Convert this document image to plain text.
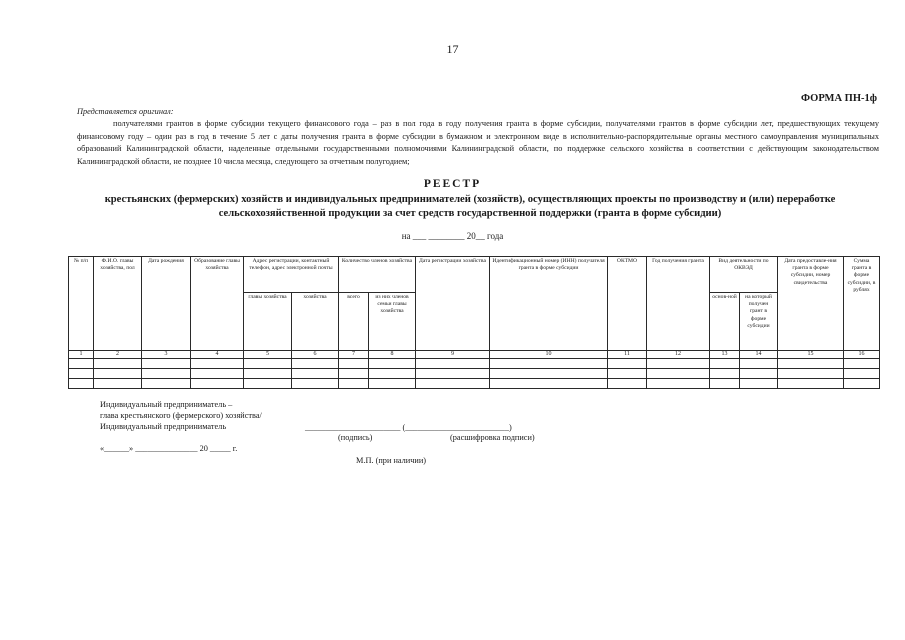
17
ФОРМА ПН-1ф
Представляется оригинал:
получателями грантов в форме субсидии текущего финансового года – раз в пол года в году получения гранта в форме субсидии, получателями грантов в форме субсидии лет, предшествующих текущему финансовому году – один раз в год в течение 5 лет с даты получения гранта в форме субсидии в бумажном и электронном виде в исполнительно-распорядительные органы местного самоуправления муниципальных образований Калининградской области, наделенные отдельными государственными полномочиями Калининградской области, по поддержке сельского хозяйства в соответствии с действующим законодательством Калининградской области, не позднее 10 числа месяца, следующего за отчетным полугодием;
РЕЕСТР
крестьянских (фермерских) хозяйств и индивидуальных предпринимателей (хозяйств), осуществляющих проекты по производству и (или) переработке сельскохозяйственной продукции за счет средств государственной поддержки (гранта в форме субсидии)
на ___ ________ 20__ года
№ п/п	Ф.И.О. главы хозяйства, пол	Дата рождения	Образование главы хозяйства	Адрес регистрации, контактный телефон, адрес электронной почты		Количество членов хозяйства		Дата регистрации хозяйства	Идентификационный номер (ИНН) получателя гранта в форме субсидии	ОКТМО	Год получения гранта	Вид деятельности по ОКВЭД		Дата предоставле-ния гранта в форме субсидии, номер свидетельства	Сумма гранта в форме субсидии, в рублях
				главы хозяйства	хозяйства	всего	из них членов семьи главы хозяйства					основ-ной	на который получен грант в форме субсидии		
1	2	3	4	5	6	7	8	9	10	11	12	13	14	15	16

Индивидуальный предприниматель –
глава крестьянского (фермерского) хозяйства/
Индивидуальный предприниматель	_______________________ (_________________________)
(подпись)	(расшифровка подписи)
«______» _______________ 20 _____ г.
М.П. (при наличии)
